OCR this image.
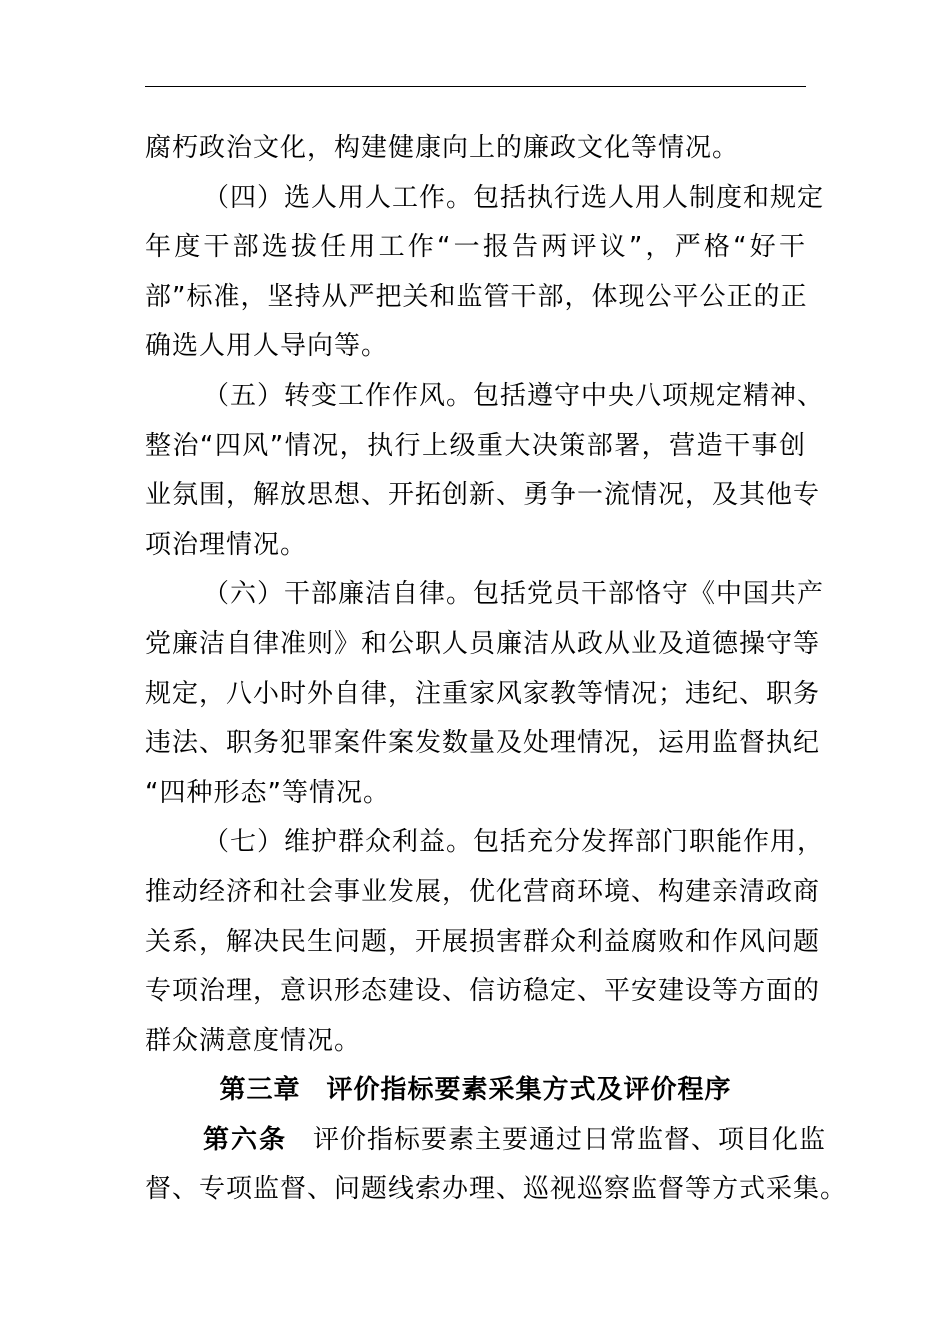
腐朽政治文化，构建健康向上的廉政文化等情况。
（四）选人用人工作。包括执行选人用人制度和规定
年度干部选拔任用工作“一报告两评议”，严格“好干
部”标准，坚持从严把关和监管干部，体现公平公正的正
确选人用人导向等。
（五）转变工作作风。包括遵守中央八项规定精神、
整治“四风”情况，执行上级重大决策部署，营造干事创
业氛围，解放思想、开拓创新、勇争一流情况，及其他专
项治理情况。
（六）干部廉洁自律。包括党员干部恪守《中国共产
党廉洁自律准则》和公职人员廉洁从政从业及道德操守等
规定，八小时外自律，注重家风家教等情况；违纪、职务
违法、职务犯罪案件案发数量及处理情况，运用监督执纪
“四种形态”等情况。
（七）维护群众利益。包括充分发挥部门职能作用，
推动经济和社会事业发展，优化营商环境、构建亲清政商
关系，解决民生问题，开展损害群众利益腐败和作风问题
专项治理，意识形态建设、信访稳定、平安建设等方面的
群众满意度情况。
第三章 评价指标要素采集方式及评价程序
第六条 评价指标要素主要通过日常监督、项目化监
督、专项监督、问题线索办理、巡视巡察监督等方式采集。
